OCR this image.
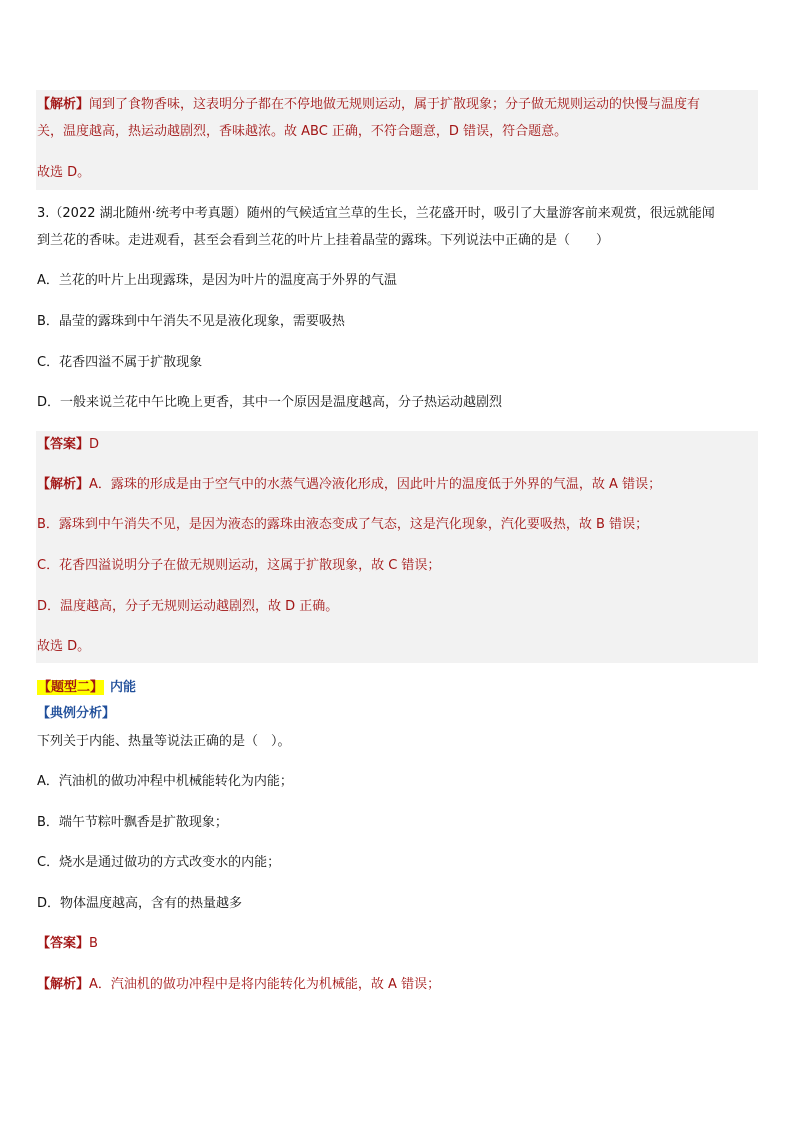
【解析】闻到了食物香味，这表明分子都在不停地做无规则运动，属于扩散现象；分子做无规则运动的快慢与温度有
关，温度越高，热运动越剧烈，香味越浓。故 ABC 正确，不符合题意，D 错误，符合题意。
故选 D。
3.（2022 湖北随州·统考中考真题）随州的气候适宜兰草的生长，兰花盛开时，吸引了大量游客前来观赏，很远就能闻
到兰花的香味。走进观看，甚至会看到兰花的叶片上挂着晶莹的露珠。下列说法中正确的是（　　）
A．兰花的叶片上出现露珠，是因为叶片的温度高于外界的气温
B．晶莹的露珠到中午消失不见是液化现象，需要吸热
C．花香四溢不属于扩散现象
D．一般来说兰花中午比晚上更香，其中一个原因是温度越高，分子热运动越剧烈
【答案】D
【解析】A．露珠的形成是由于空气中的水蒸气遇冷液化形成，因此叶片的温度低于外界的气温，故 A 错误；
B．露珠到中午消失不见，是因为液态的露珠由液态变成了气态，这是汽化现象，汽化要吸热，故 B 错误；
C．花香四溢说明分子在做无规则运动，这属于扩散现象，故 C 错误；
D．温度越高，分子无规则运动越剧烈，故 D 正确。
故选 D。
【题型二】 内能
【典例分析】
下列关于内能、热量等说法正确的是（　）。
A．汽油机的做功冲程中机械能转化为内能；
B．端午节粽叶飘香是扩散现象；
C．烧水是通过做功的方式改变水的内能；
D．物体温度越高，含有的热量越多
【答案】B
【解析】A．汽油机的做功冲程中是将内能转化为机械能，故 A 错误；
